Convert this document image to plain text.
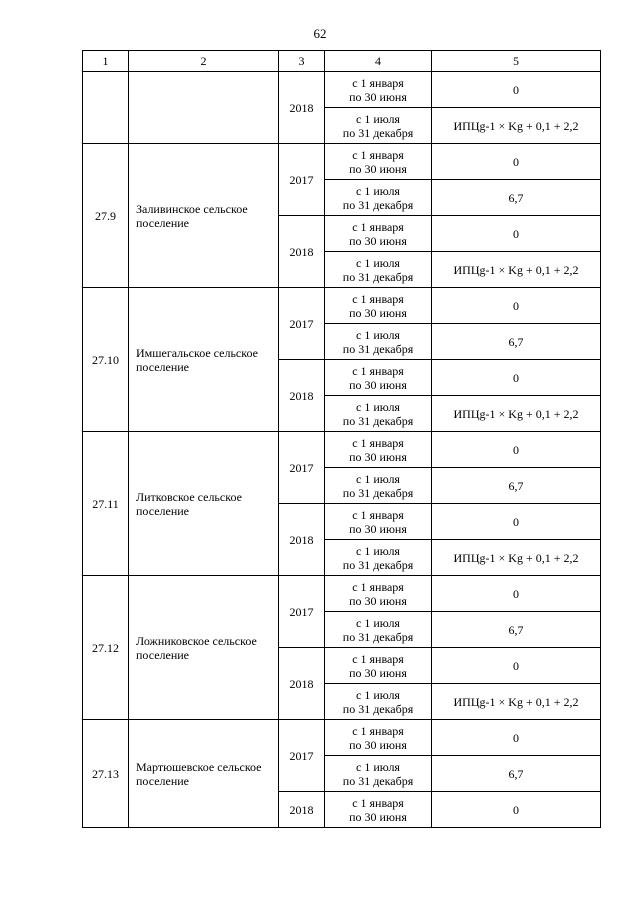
62
1	2	3	4	5
		2018	с 1 января
по 30 июня	0
			с 1 июля
по 31 декабря	ИПЦg-1 × Kg + 0,1 + 2,2
27.9	Заливинское сельское поселение	2017	с 1 января
по 30 июня	0
			с 1 июля
по 31 декабря	6,7
		2018	с 1 января
по 30 июня	0
			с 1 июля
по 31 декабря	ИПЦg-1 × Kg + 0,1 + 2,2
27.10	Имшегальское сельское поселение	2017	с 1 января
по 30 июня	0
			с 1 июля
по 31 декабря	6,7
		2018	с 1 января
по 30 июня	0
			с 1 июля
по 31 декабря	ИПЦg-1 × Kg + 0,1 + 2,2
27.11	Литковское сельское поселение	2017	с 1 января
по 30 июня	0
			с 1 июля
по 31 декабря	6,7
		2018	с 1 января
по 30 июня	0
			с 1 июля
по 31 декабря	ИПЦg-1 × Kg + 0,1 + 2,2
27.12	Ложниковское сельское поселение	2017	с 1 января
по 30 июня	0
			с 1 июля
по 31 декабря	6,7
		2018	с 1 января
по 30 июня	0
			с 1 июля
по 31 декабря	ИПЦg-1 × Kg + 0,1 + 2,2
27.13	Мартюшевское сельское поселение	2017	с 1 января
по 30 июня	0
			с 1 июля
по 31 декабря	6,7
		2018	с 1 января
по 30 июня	0
